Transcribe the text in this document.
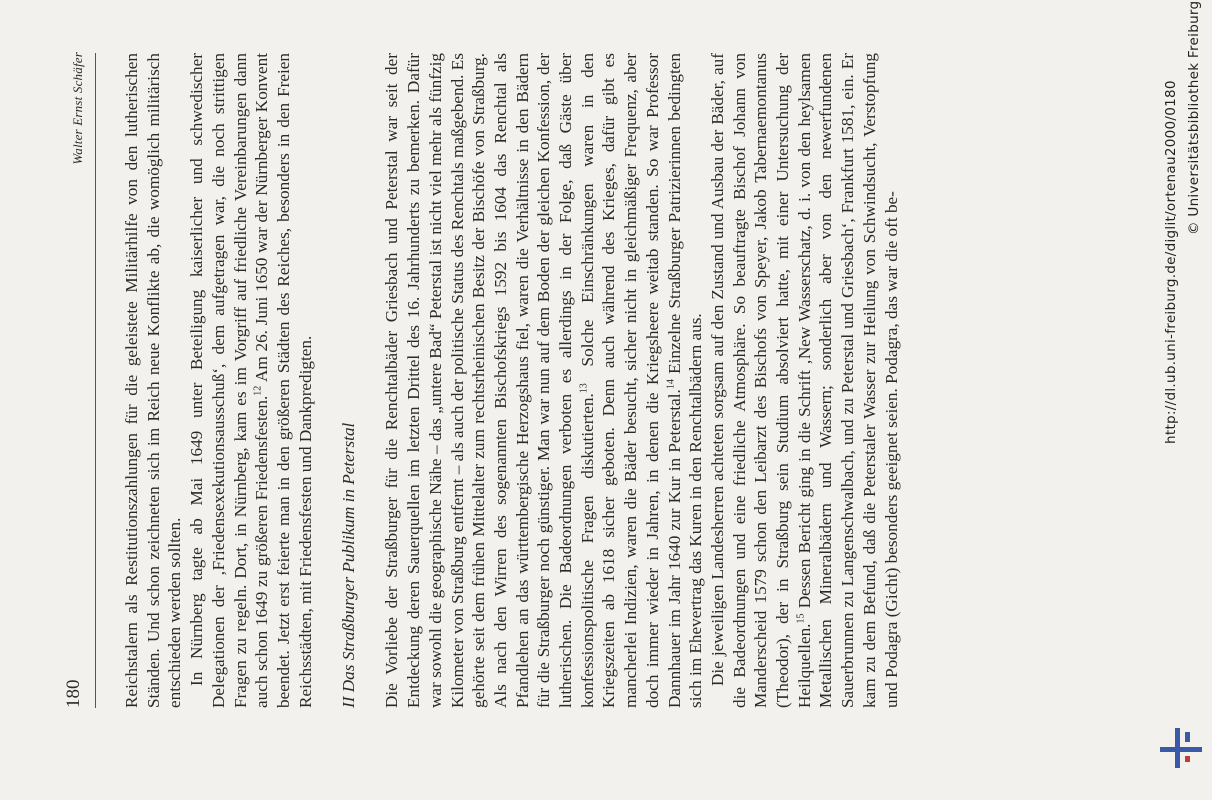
180
Walter Ernst Schäfer Reichstalern als Restitutionszahlungen für die geleistete Militärhilfe von den lutherischen Ständen. Und schon zeichneten sich im Reich neue Konflikte ab, die womöglich militärisch entschieden werden sollten. In Nürnberg tagte ab Mai 1649 unter Beteiligung kaiserlicher und schwedischer Delegationen der ‚Friedensexekutionsausschuß‘, dem aufgetragen war, die noch strittigen Fragen zu regeln. Dort, in Nürnberg, kam es im Vorgriff auf friedliche Vereinbarungen dann auch schon 1649 zu größeren Friedensfesten.$^{12}$ Am 26. Juni 1650 war der Nürnberger Konvent beendet. Jetzt erst feierte man in den größeren Städten des Reiches, besonders in den Freien Reichsstädten, mit Friedensfesten und Dankpredigten. II Das Straßburger Publikum in Peterstal Die Vorliebe der Straßburger für die Renchtalbäder Griesbach und Peterstal war seit der Entdeckung deren Sauerquellen im letzten Drittel des 16. Jahrhunderts zu bemerken. Dafür war sowohl die geographische Nähe – das „untere Bad“ Peterstal ist nicht viel mehr als fünfzig Kilometer von Straßburg entfernt – als auch der politische Status des Renchtals maßgebend. Es gehörte seit dem frühen Mittelalter zum rechtsrheinischen Besitz der Bischöfe von Straßburg. Als nach den Wirren des sogenannten Bischofskriegs 1592 bis 1604 das Renchtal als Pfandlehen an das württembergische Herzogshaus fiel, waren die Verhältnisse in den Bädern für die Straßburger noch günstiger. Man war nun auf dem Boden der gleichen Konfession, der lutherischen. Die Badeordnungen verboten es allerdings in der Folge, daß Gäste über konfessionspolitische Fragen diskutierten.$^{13}$ Solche Einschränkungen waren in den Kriegszeiten ab 1618 sicher geboten. Denn auch während des Krieges, dafür gibt es mancherlei Indizien, waren die Bäder besucht, sicher nicht in gleichmäßiger Frequenz, aber doch immer wieder in Jahren, in denen die Kriegsheere weitab standen. So war Professor Dannhauer im Jahr 1640 zur Kur in Peterstal.$^{14}$ Einzelne Straßburger Patrizierinnen bedingten sich im Ehevertrag das Kuren in den Renchtalbädern aus. Die jeweiligen Landesherren achteten sorgsam auf den Zustand und Ausbau der Bäder, auf die Badeordnungen und eine friedliche Atmosphäre. So beauftragte Bischof Johann von Manderscheid 1579 schon den Leibarzt des Bischofs von Speyer, Jakob Tabernaemontanus (Theodor), der in Straßburg sein Studium absolviert hatte, mit einer Untersuchung der Heilquellen.$^{15}$ Dessen Bericht ging in die Schrift ‚New Wasserschatz, d. i. von den heylsamen Metallischen Mineralbädern und Wassern; sonderlich aber von den newerfundenen Sauerbrunnen zu Langenschwalbach, und zu Peterstal und Griesbach‘, Frankfurt 1581, ein. Er kam zu dem Befund, daß die Peterstaler Wasser zur Heilung von Schwindsucht, Verstopfung und Podagra (Gicht) besonders geeignet seien. Podagra, das war die oft be-	http://dl.ub.uni-freiburg.de/diglit/ortenau2000/0180 © Universitätsbibliothek Freiburg
